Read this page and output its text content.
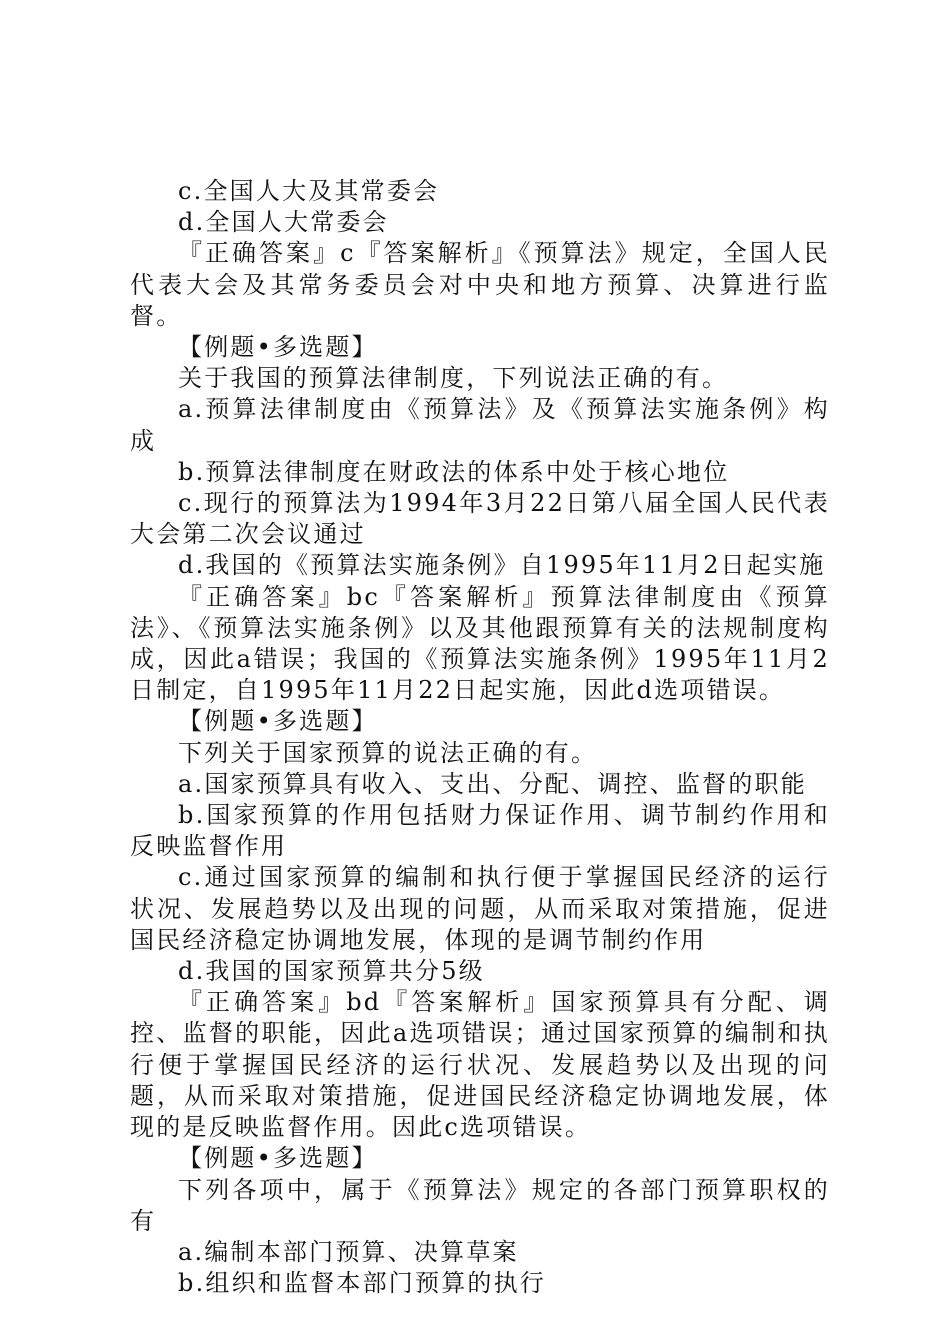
c.全国人大及其常委会

d.全国人大常委会

『正确答案』c『答案解析』《预算法》规定，全国人民代表大会及其常务委员会对中央和地方预算、决算进行监督。

【例题•多选题】

关于我国的预算法律制度，下列说法正确的有。

a.预算法律制度由《预算法》及《预算法实施条例》构成

b.预算法律制度在财政法的体系中处于核心地位

c.现行的预算法为1994年3月22日第八届全国人民代表大会第二次会议通过

d.我国的《预算法实施条例》自1995年11月2日起实施

『正确答案』bc『答案解析』预算法律制度由《预算法》、《预算法实施条例》以及其他跟预算有关的法规制度构成，因此a错误；我国的《预算法实施条例》1995年11月2日制定，自1995年11月22日起实施，因此d选项错误。

【例题•多选题】

下列关于国家预算的说法正确的有。

a.国家预算具有收入、支出、分配、调控、监督的职能

b.国家预算的作用包括财力保证作用、调节制约作用和反映监督作用

c.通过国家预算的编制和执行便于掌握国民经济的运行状况、发展趋势以及出现的问题，从而采取对策措施，促进国民经济稳定协调地发展，体现的是调节制约作用

d.我国的国家预算共分5级

『正确答案』bd『答案解析』国家预算具有分配、调控、监督的职能，因此a选项错误；通过国家预算的编制和执行便于掌握国民经济的运行状况、发展趋势以及出现的问题，从而采取对策措施，促进国民经济稳定协调地发展，体现的是反映监督作用。因此c选项错误。

【例题•多选题】

下列各项中，属于《预算法》规定的各部门预算职权的有

a.编制本部门预算、决算草案

b.组织和监督本部门预算的执行
